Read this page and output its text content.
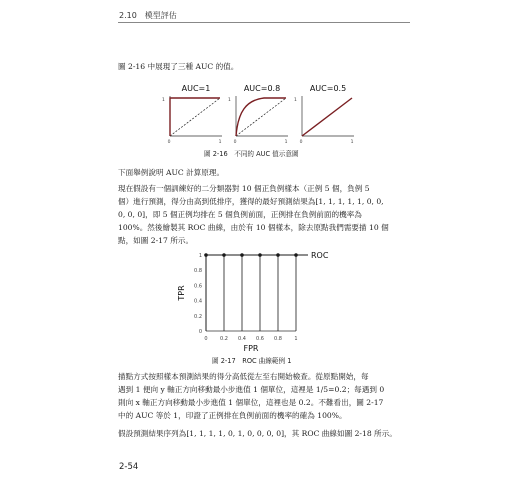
2.10　模型評估
圖 2-16 中展現了三種 AUC 的值。
AUC=1
1
0	1
AUC=0.8
1
0	1
AUC=0.5
1
0	1
圖 2-16　不同的 AUC 值示意圖
下面舉例說明 AUC 計算原理。
現在假設有一個訓練好的二分類器對 10 個正負例樣本（正例 5 個，負例 5
個）進行預測，得分由高到低排序，獲得的最好預測結果為[1, 1, 1, 1, 1, 0, 0,
0, 0, 0]，即 5 個正例均排在 5 個負例前面，正例排在負例前面的機率為
100%。然後繪製其 ROC 曲線，由於有 10 個樣本，除去原點我們需要描 10 個
點，如圖 2-17 所示。
TPR
FPR
ROC
0 0.2 0.4 0.6 0.8 1
0
0.2
0.4
0.6
0.8
1
圖 2-17　ROC 曲線範例 1
描點方式按照樣本預測結果的得分高低從左至右開始檢查。從原點開始，每
遇到 1 便向 y 軸正方向移動最小步進值 1 個單位，這裡是 1/5=0.2；每遇到 0
則向 x 軸正方向移動最小步進值 1 個單位，這裡也是 0.2。不難看出，圖 2-17
中的 AUC 等於 1，印證了正例排在負例前面的機率的確為 100%。
假設預測結果序列為[1, 1, 1, 1, 0, 1, 0, 0, 0, 0]，其 ROC 曲線如圖 2-18 所示。
2-54
